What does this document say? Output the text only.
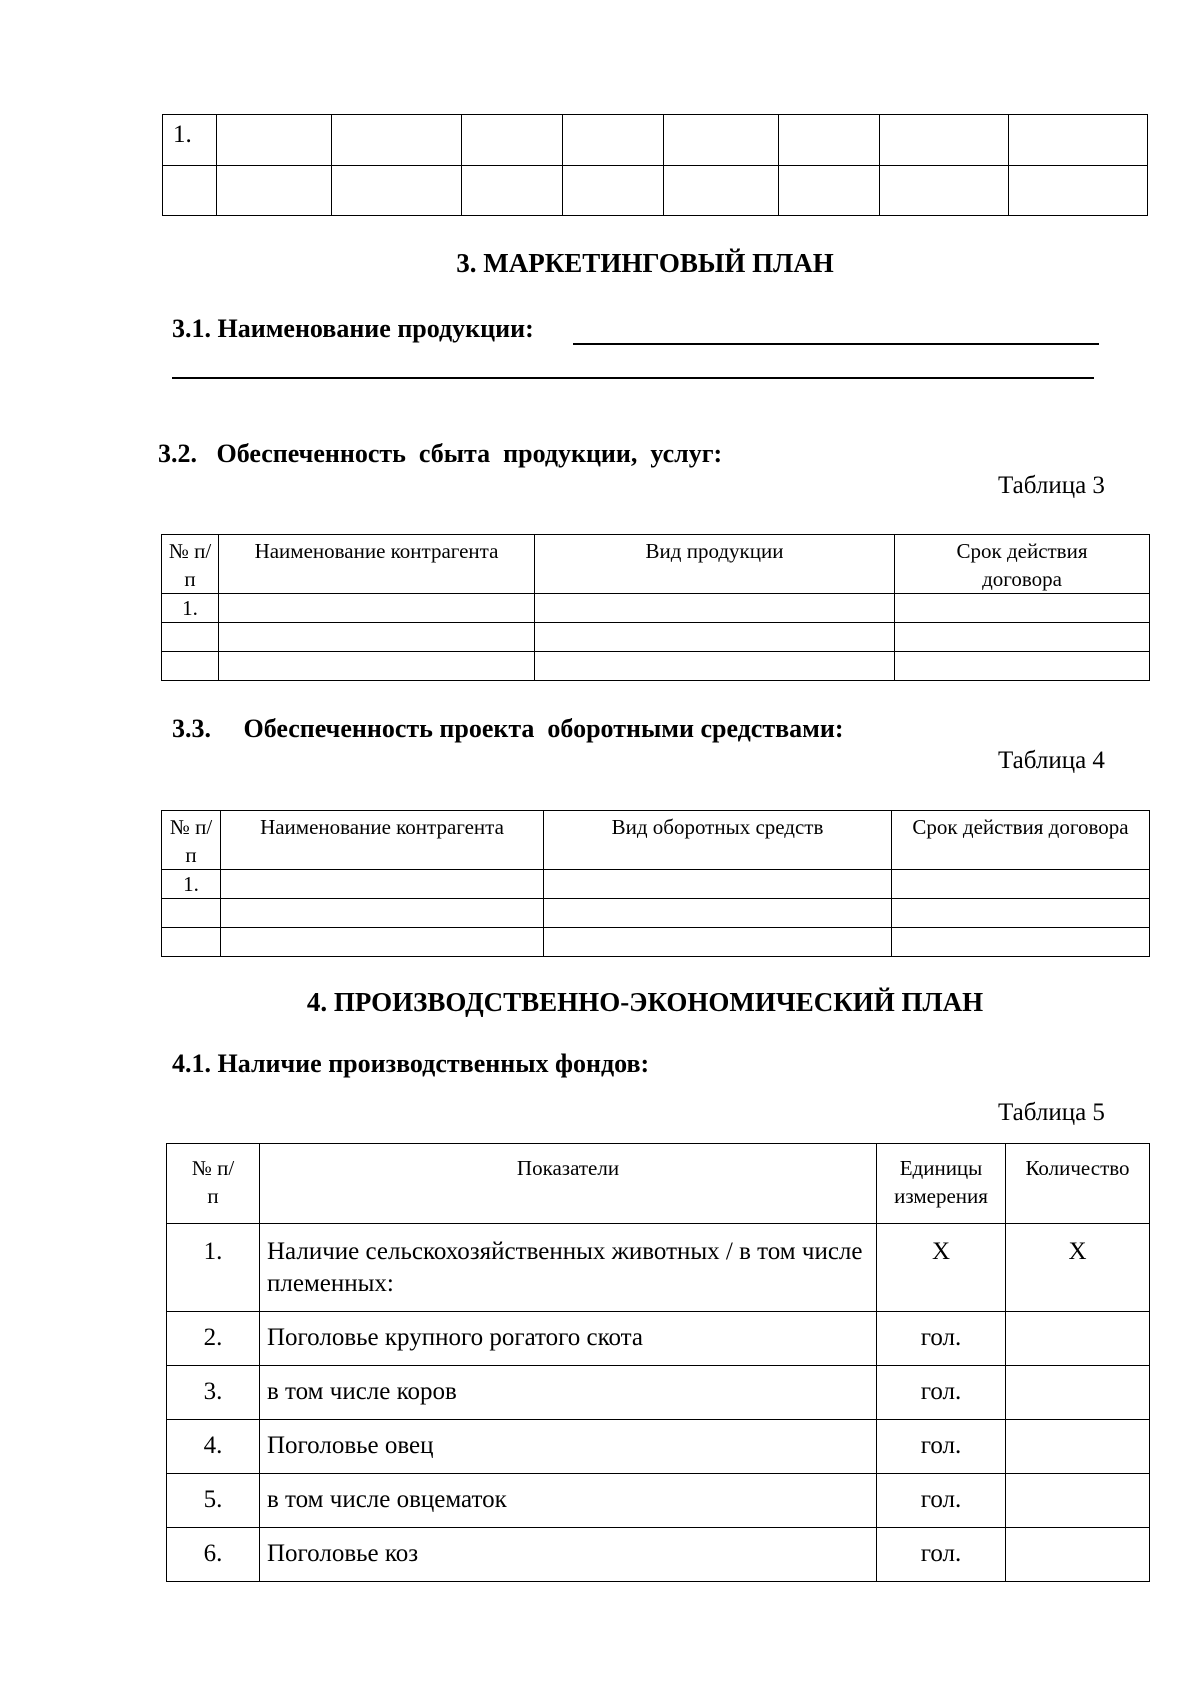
1.								

3. МАРКЕТИНГОВЫЙ ПЛАН
3.1. Наименование продукции:
3.2.   Обеспеченность  сбыта  продукции,  услуг:
Таблица 3
№ п/п	Наименование контрагента	Вид продукции	Срок действия договора
1.			

3.3.     Обеспеченность проекта  оборотными средствами:
Таблица 4
№ п/п	Наименование контрагента	Вид оборотных средств	Срок действия договора
1.			

4. ПРОИЗВОДСТВЕННО-ЭКОНОМИЧЕСКИЙ ПЛАН
4.1. Наличие производственных фондов:
Таблица 5
№ п/п	Показатели	Единицы измерения	Количество
1.	Наличие сельскохозяйственных животных / в том числе племенных:	Х	Х
2.	Поголовье крупного рогатого скота	гол.	
3.	в том числе коров	гол.	
4.	Поголовье овец	гол.	
5.	в том числе овцематок	гол.	
6.	Поголовье коз	гол.	
